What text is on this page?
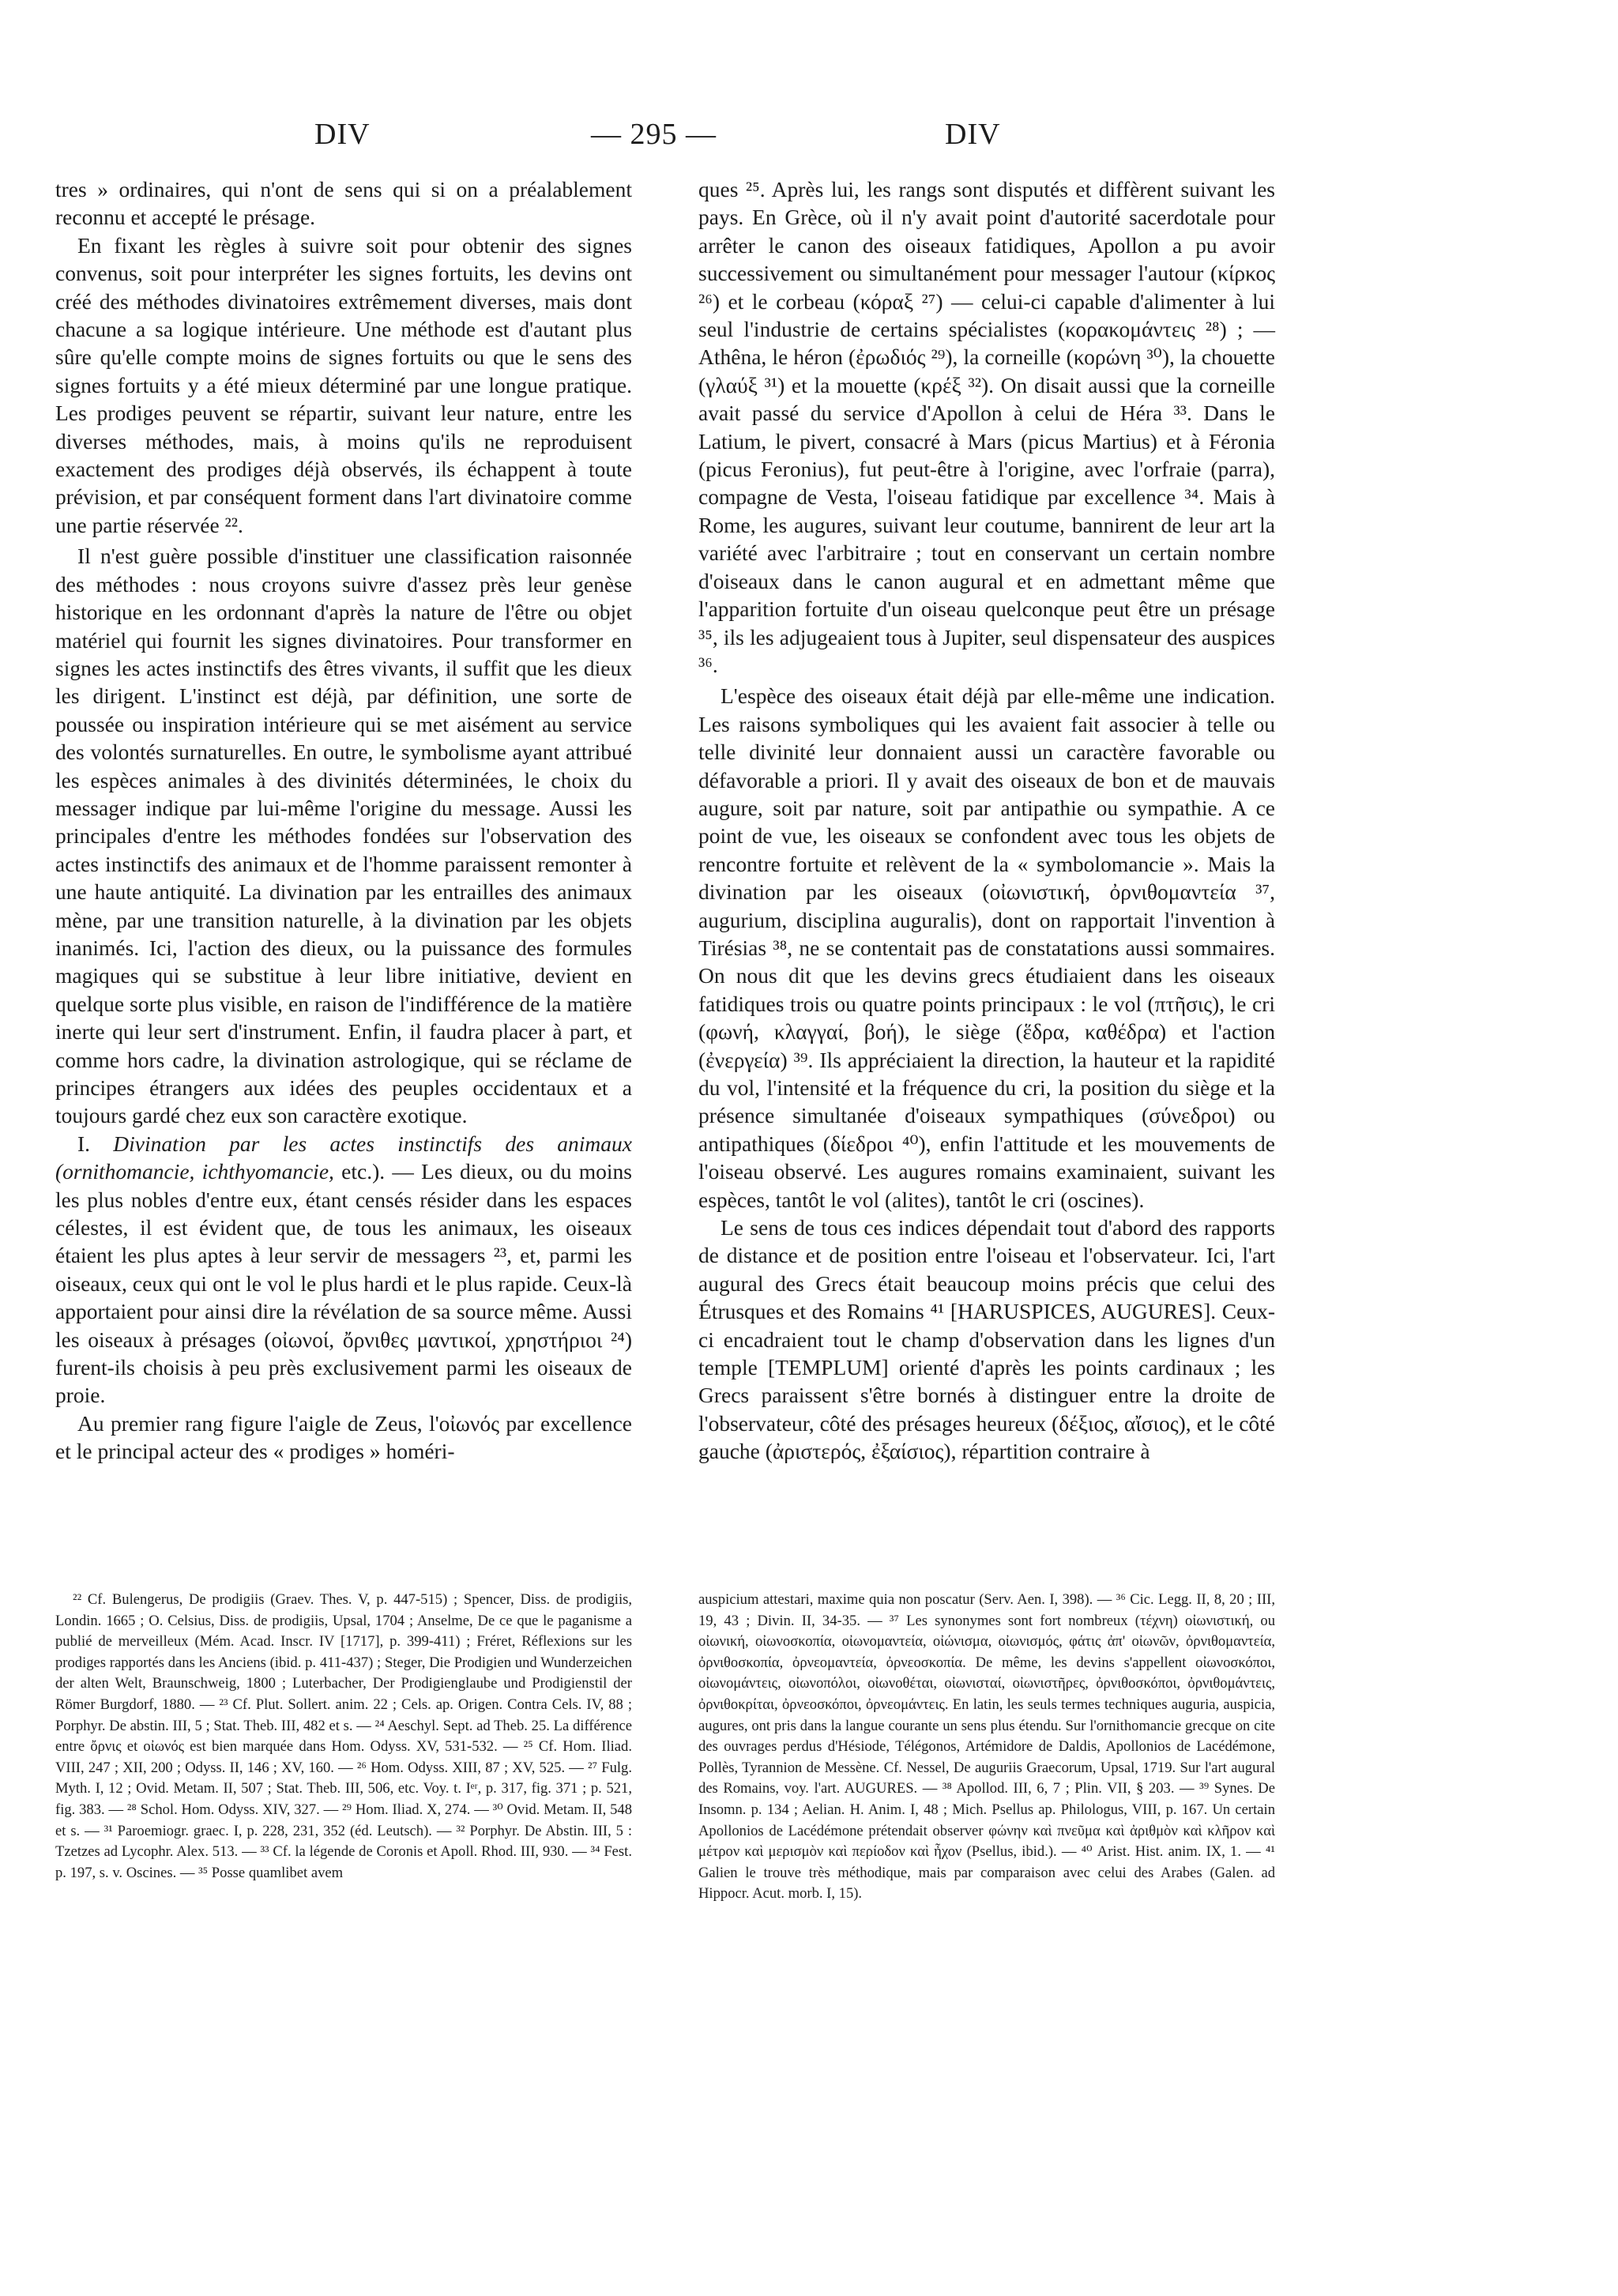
DIV	— 295 —	DIV

tres » ordinaires, qui n'ont de sens qui si on a préalablement reconnu et accepté le présage.

En fixant les règles à suivre soit pour obtenir des signes convenus, soit pour interpréter les signes fortuits, les devins ont créé des méthodes divinatoires extrêmement diverses, mais dont chacune a sa logique intérieure. Une méthode est d'autant plus sûre qu'elle compte moins de signes fortuits ou que le sens des signes fortuits y a été mieux déterminé par une longue pratique. Les prodiges peuvent se répartir, suivant leur nature, entre les diverses méthodes, mais, à moins qu'ils ne reproduisent exactement des prodiges déjà observés, ils échappent à toute prévision, et par conséquent forment dans l'art divinatoire comme une partie réservée ²².

Il n'est guère possible d'instituer une classification raisonnée des méthodes : nous croyons suivre d'assez près leur genèse historique en les ordonnant d'après la nature de l'être ou objet matériel qui fournit les signes divinatoires. Pour transformer en signes les actes instinctifs des êtres vivants, il suffit que les dieux les dirigent. L'instinct est déjà, par définition, une sorte de poussée ou inspiration intérieure qui se met aisément au service des volontés surnaturelles. En outre, le symbolisme ayant attribué les espèces animales à des divinités déterminées, le choix du messager indique par lui-même l'origine du message. Aussi les principales d'entre les méthodes fondées sur l'observation des actes instinctifs des animaux et de l'homme paraissent remonter à une haute antiquité. La divination par les entrailles des animaux mène, par une transition naturelle, à la divination par les objets inanimés. Ici, l'action des dieux, ou la puissance des formules magiques qui se substitue à leur libre initiative, devient en quelque sorte plus visible, en raison de l'indifférence de la matière inerte qui leur sert d'instrument. Enfin, il faudra placer à part, et comme hors cadre, la divination astrologique, qui se réclame de principes étrangers aux idées des peuples occidentaux et a toujours gardé chez eux son caractère exotique.

I. Divination par les actes instinctifs des animaux (ornithomancie, ichthyomancie, etc.). — Les dieux, ou du moins les plus nobles d'entre eux, étant censés résider dans les espaces célestes, il est évident que, de tous les animaux, les oiseaux étaient les plus aptes à leur servir de messagers ²³, et, parmi les oiseaux, ceux qui ont le vol le plus hardi et le plus rapide. Ceux-là apportaient pour ainsi dire la révélation de sa source même. Aussi les oiseaux à présages (οἰωνοί, ὄρνιθες μαντικοί, χρηστήριοι ²⁴) furent-ils choisis à peu près exclusivement parmi les oiseaux de proie.

Au premier rang figure l'aigle de Zeus, l'οἰωνός par excellence et le principal acteur des « prodiges » homéri-

ques ²⁵. Après lui, les rangs sont disputés et diffèrent suivant les pays. En Grèce, où il n'y avait point d'autorité sacerdotale pour arrêter le canon des oiseaux fatidiques, Apollon a pu avoir successivement ou simultanément pour messager l'autour (κίρκος ²⁶) et le corbeau (κόραξ ²⁷) — celui-ci capable d'alimenter à lui seul l'industrie de certains spécialistes (κορακομάντεις ²⁸) ; — Athêna, le héron (ἐρωδιός ²⁹), la corneille (κορώνη ³⁰), la chouette (γλαύξ ³¹) et la mouette (κρέξ ³²). On disait aussi que la corneille avait passé du service d'Apollon à celui de Héra ³³. Dans le Latium, le pivert, consacré à Mars (picus Martius) et à Féronia (picus Feronius), fut peut-être à l'origine, avec l'orfraie (parra), compagne de Vesta, l'oiseau fatidique par excellence ³⁴. Mais à Rome, les augures, suivant leur coutume, bannirent de leur art la variété avec l'arbitraire ; tout en conservant un certain nombre d'oiseaux dans le canon augural et en admettant même que l'apparition fortuite d'un oiseau quelconque peut être un présage ³⁵, ils les adjugeaient tous à Jupiter, seul dispensateur des auspices ³⁶.

L'espèce des oiseaux était déjà par elle-même une indication. Les raisons symboliques qui les avaient fait associer à telle ou telle divinité leur donnaient aussi un caractère favorable ou défavorable a priori. Il y avait des oiseaux de bon et de mauvais augure, soit par nature, soit par antipathie ou sympathie. A ce point de vue, les oiseaux se confondent avec tous les objets de rencontre fortuite et relèvent de la « symbolomancie ». Mais la divination par les oiseaux (οἰωνιστική, ὀρνιθομαντεία ³⁷, augurium, disciplina auguralis), dont on rapportait l'invention à Tirésias ³⁸, ne se contentait pas de constatations aussi sommaires. On nous dit que les devins grecs étudiaient dans les oiseaux fatidiques trois ou quatre points principaux : le vol (πτῆσις), le cri (φωνή, κλαγγαί, βοή), le siège (ἕδρα, καθέδρα) et l'action (ἐνεργεία) ³⁹. Ils appréciaient la direction, la hauteur et la rapidité du vol, l'intensité et la fréquence du cri, la position du siège et la présence simultanée d'oiseaux sympathiques (σύνεδροι) ou antipathiques (δίεδροι ⁴⁰), enfin l'attitude et les mouvements de l'oiseau observé. Les augures romains examinaient, suivant les espèces, tantôt le vol (alites), tantôt le cri (oscines).

Le sens de tous ces indices dépendait tout d'abord des rapports de distance et de position entre l'oiseau et l'observateur. Ici, l'art augural des Grecs était beaucoup moins précis que celui des Étrusques et des Romains ⁴¹ [HARUSPICES, AUGURES]. Ceux-ci encadraient tout le champ d'observation dans les lignes d'un temple [TEMPLUM] orienté d'après les points cardinaux ; les Grecs paraissent s'être bornés à distinguer entre la droite de l'observateur, côté des présages heureux (δέξιος, αἴσιος), et le côté gauche (ἀριστερός, ἐξαίσιος), répartition contraire à

²² Cf. Bulengerus, De prodigiis (Graev. Thes. V, p. 447-515) ; Spencer, Diss. de prodigiis, Londin. 1665 ; O. Celsius, Diss. de prodigiis, Upsal, 1704 ; Anselme, De ce que le paganisme a publié de merveilleux (Mém. Acad. Inscr. IV [1717], p. 399-411) ; Fréret, Réflexions sur les prodiges rapportés dans les Anciens (ibid. p. 411-437) ; Steger, Die Prodigien und Wunderzeichen der alten Welt, Braunschweig, 1800 ; Luterbacher, Der Prodigienglaube und Prodigienstil der Römer Burgdorf, 1880. — ²³ Cf. Plut. Sollert. anim. 22 ; Cels. ap. Origen. Contra Cels. IV, 88 ; Porphyr. De abstin. III, 5 ; Stat. Theb. III, 482 et s. — ²⁴ Aeschyl. Sept. ad Theb. 25. La différence entre ὄρνις et οἰωνός est bien marquée dans Hom. Odyss. XV, 531-532. — ²⁵ Cf. Hom. Iliad. VIII, 247 ; XII, 200 ; Odyss. II, 146 ; XV, 160. — ²⁶ Hom. Odyss. XIII, 87 ; XV, 525. — ²⁷ Fulg. Myth. I, 12 ; Ovid. Metam. II, 507 ; Stat. Theb. III, 506, etc. Voy. t. Iᵉʳ, p. 317, fig. 371 ; p. 521, fig. 383. — ²⁸ Schol. Hom. Odyss. XIV, 327. — ²⁹ Hom. Iliad. X, 274. — ³⁰ Ovid. Metam. II, 548 et s. — ³¹ Paroemiogr. graec. I, p. 228, 231, 352 (éd. Leutsch). — ³² Porphyr. De Abstin. III, 5 : Tzetzes ad Lycophr. Alex. 513. — ³³ Cf. la légende de Coronis et Apoll. Rhod. III, 930. — ³⁴ Fest. p. 197, s. v. Oscines. — ³⁵ Posse quamlibet avem

auspicium attestari, maxime quia non poscatur (Serv. Aen. I, 398). — ³⁶ Cic. Legg. II, 8, 20 ; III, 19, 43 ; Divin. II, 34-35. — ³⁷ Les synonymes sont fort nombreux (τέχνη) οἰωνιστική, ou οἰωνική, οἰωνοσκοπία, οἰωνομαντεία, οἰώνισμα, οἰωνισμός, φάτις ἀπ' οἰωνῶν, ὀρνιθομαντεία, ὀρνιθοσκοπία, ὀρνεομαντεία, ὀρνεοσκοπία. De même, les devins s'appellent οἰωνοσκόποι, οἰωνομάντεις, οἰωνοπόλοι, οἰωνοθέται, οἰωνισταί, οἰωνιστῆρες, ὀρνιθοσκόποι, ὀρνιθομάντεις, ὀρνιθοκρίται, ὀρνεοσκόποι, ὀρνεομάντεις. En latin, les seuls termes techniques auguria, auspicia, augures, ont pris dans la langue courante un sens plus étendu. Sur l'ornithomancie grecque on cite des ouvrages perdus d'Hésiode, Télégonos, Artémidore de Daldis, Apollonios de Lacédémone, Pollès, Tyrannion de Messène. Cf. Nessel, De auguriis Graecorum, Upsal, 1719. Sur l'art augural des Romains, voy. l'art. AUGURES. — ³⁸ Apollod. III, 6, 7 ; Plin. VII, § 203. — ³⁹ Synes. De Insomn. p. 134 ; Aelian. H. Anim. I, 48 ; Mich. Psellus ap. Philologus, VIII, p. 167. Un certain Apollonios de Lacédémone prétendait observer φώνην καὶ πνεῦμα καὶ ἀριθμὸν καὶ κλῆρον καὶ μέτρον καὶ μερισμὸν καὶ περίοδον καὶ ἦχον (Psellus, ibid.). — ⁴⁰ Arist. Hist. anim. IX, 1. — ⁴¹ Galien le trouve très méthodique, mais par comparaison avec celui des Arabes (Galen. ad Hippocr. Acut. morb. I, 15).
